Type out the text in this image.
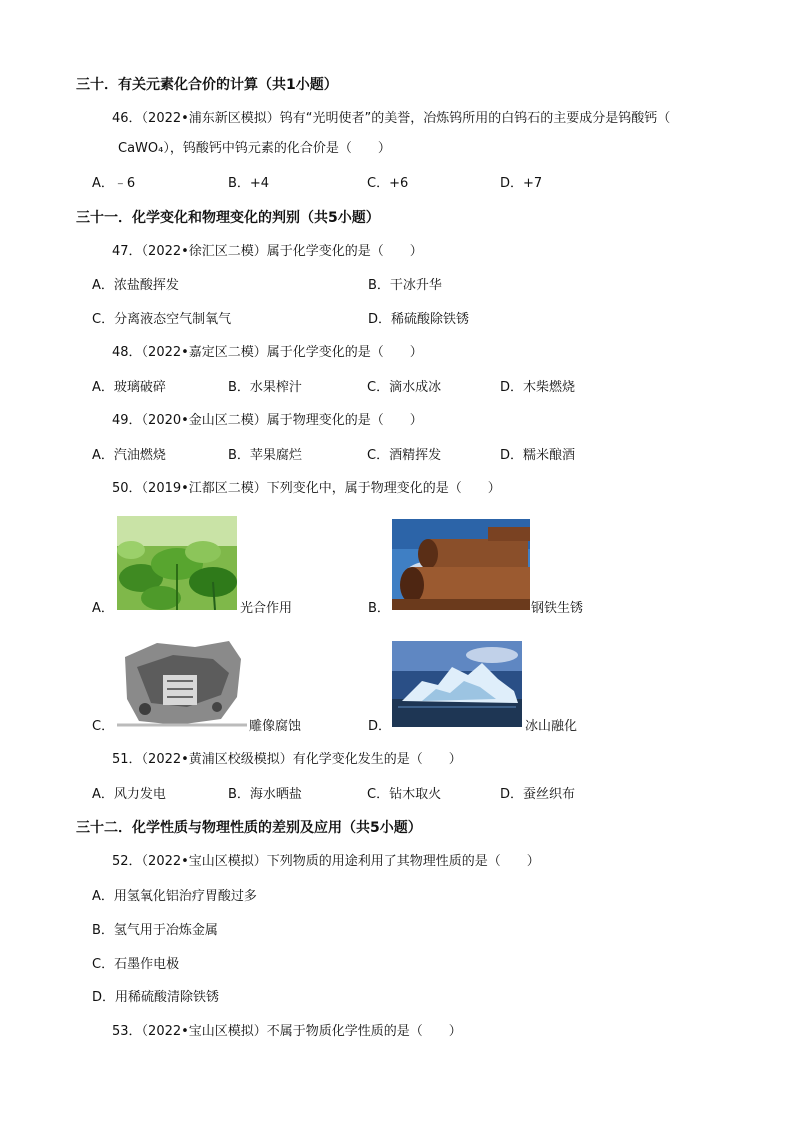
三十．有关元素化合价的计算（共1小题）
46．（2022•浦东新区模拟）钨有“光明使者”的美誉，冶炼钨所用的白钨石的主要成分是钨酸钙（
CaWO₄），钨酸钙中钨元素的化合价是（　　）
A．﹣6	B．+4	C．+6	D．+7
三十一．化学变化和物理变化的判别（共5小题）
47．（2022•徐汇区二模）属于化学变化的是（　　）
A．浓盐酸挥发	B．干冰升华
C．分离液态空气制氧气	D．稀硫酸除铁锈
48．（2022•嘉定区二模）属于化学变化的是（　　）
A．玻璃破碎	B．水果榨汁	C．滴水成冰	D．木柴燃烧
49．（2020•金山区二模）属于物理变化的是（　　）
A．汽油燃烧	B．苹果腐烂	C．酒精挥发	D．糯米酿酒
50．（2019•江都区二模）下列变化中，属于物理变化的是（　　）
A．	光合作用	B．	钢铁生锈
C．	雕像腐蚀	D．	冰山融化
51．（2022•黄浦区校级模拟）有化学变化发生的是（　　）
A．风力发电	B．海水晒盐	C．钻木取火	D．蚕丝织布
三十二．化学性质与物理性质的差别及应用（共5小题）
52．（2022•宝山区模拟）下列物质的用途利用了其物理性质的是（　　）
A．用氢氧化铝治疗胃酸过多
B．氢气用于冶炼金属
C．石墨作电极
D．用稀硫酸清除铁锈
53．（2022•宝山区模拟）不属于物质化学性质的是（　　）
